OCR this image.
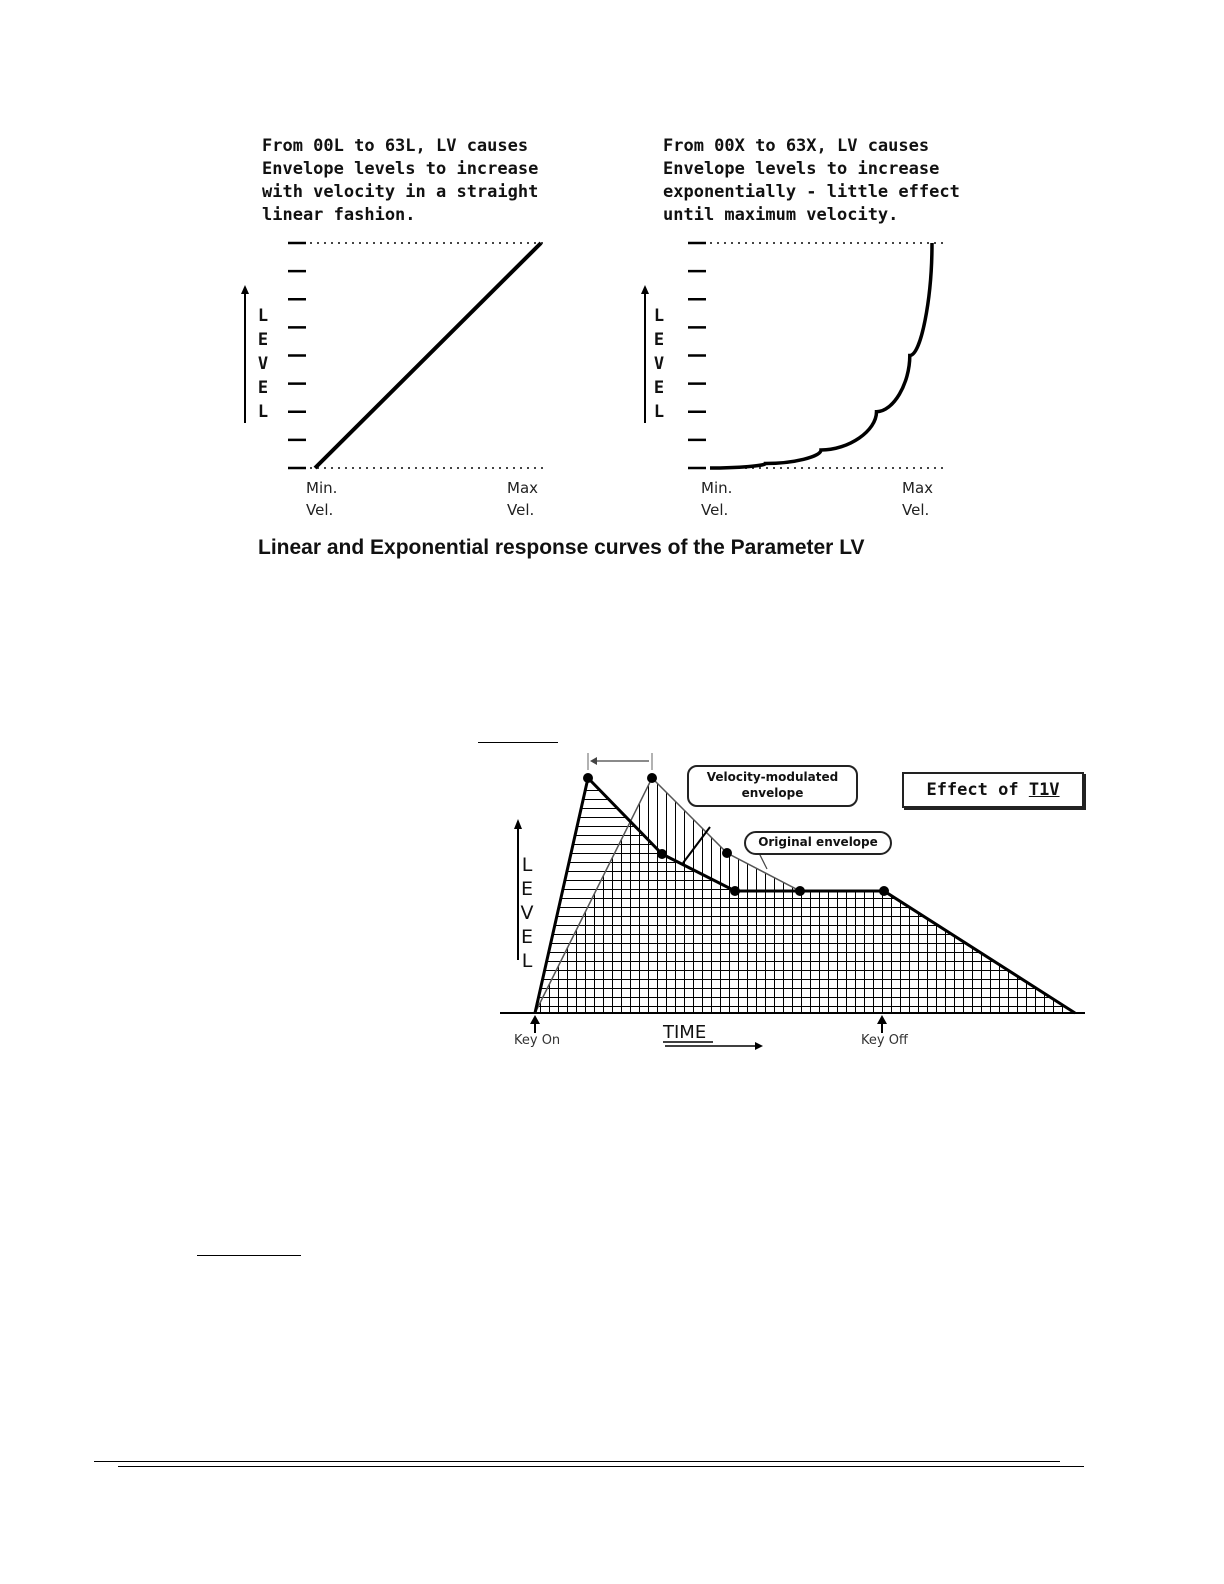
From 00L to 63L, LV causes
Envelope levels to increase
with velocity in a straight
linear fashion.
From 00X to 63X, LV causes
Envelope levels to increase
exponentially - little effect
until maximum velocity.
L
E
V
E
L
Min.
Vel.
Max
Vel.
L
E
V
E
L
Min.
Vel.
Max
Vel.
Linear and Exponential response curves of the Parameter LV
Velocity-modulated
envelope
Original envelope
Effect of T1V
L
E
V
E
L
TIME
Key On	Key Off
